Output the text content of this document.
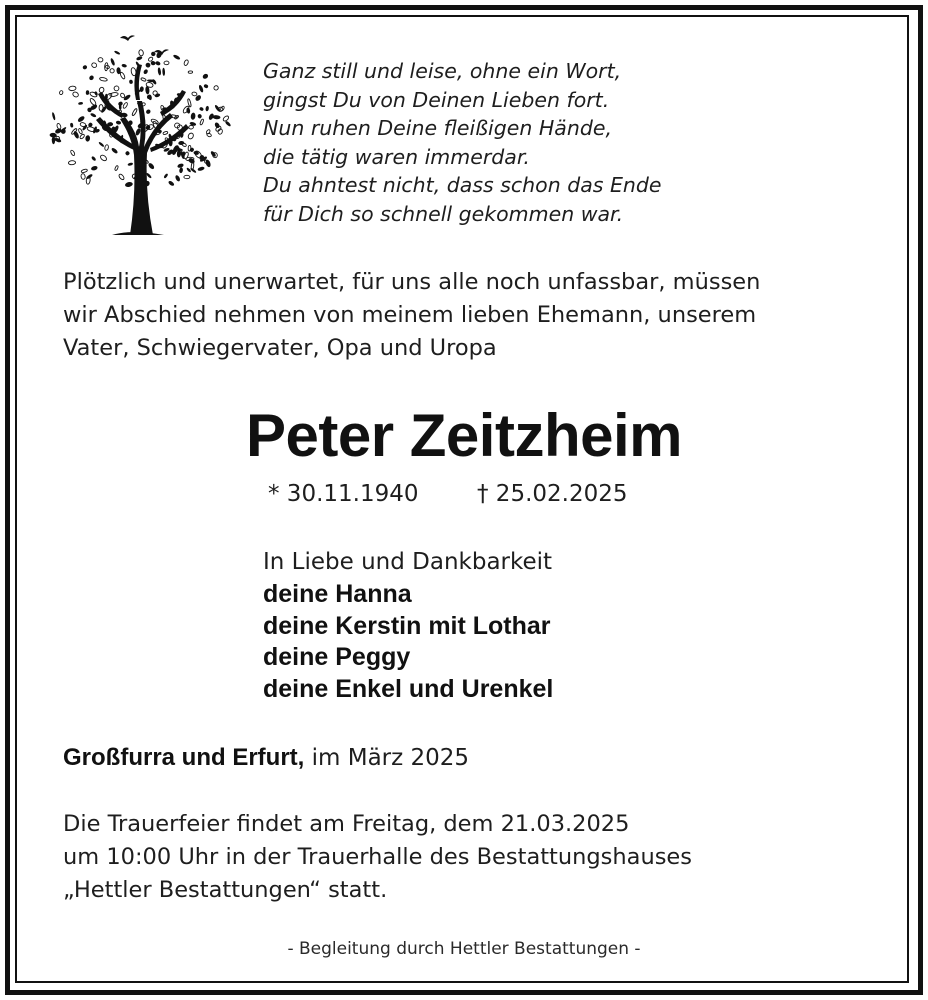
Ganz still und leise, ohne ein Wort,
gingst Du von Deinen Lieben fort.
Nun ruhen Deine fleißigen Hände,
die tätig waren immerdar.
Du ahntest nicht, dass schon das Ende
für Dich so schnell gekommen war.
Plötzlich und unerwartet, für uns alle noch unfassbar, müssen
wir Abschied nehmen von meinem lieben Ehemann, unserem
Vater, Schwiegervater, Opa und Uropa
Peter Zeitzheim
* 30.11.1940	† 25.02.2025
In Liebe und Dankbarkeit
deine Hanna
deine Kerstin mit Lothar
deine Peggy
deine Enkel und Urenkel
Großfurra und Erfurt, im März 2025
Die Trauerfeier findet am Freitag, dem 21.03.2025
um 10:00 Uhr in der Trauerhalle des Bestattungshauses
„Hettler Bestattungen“ statt.
- Begleitung durch Hettler Bestattungen -
